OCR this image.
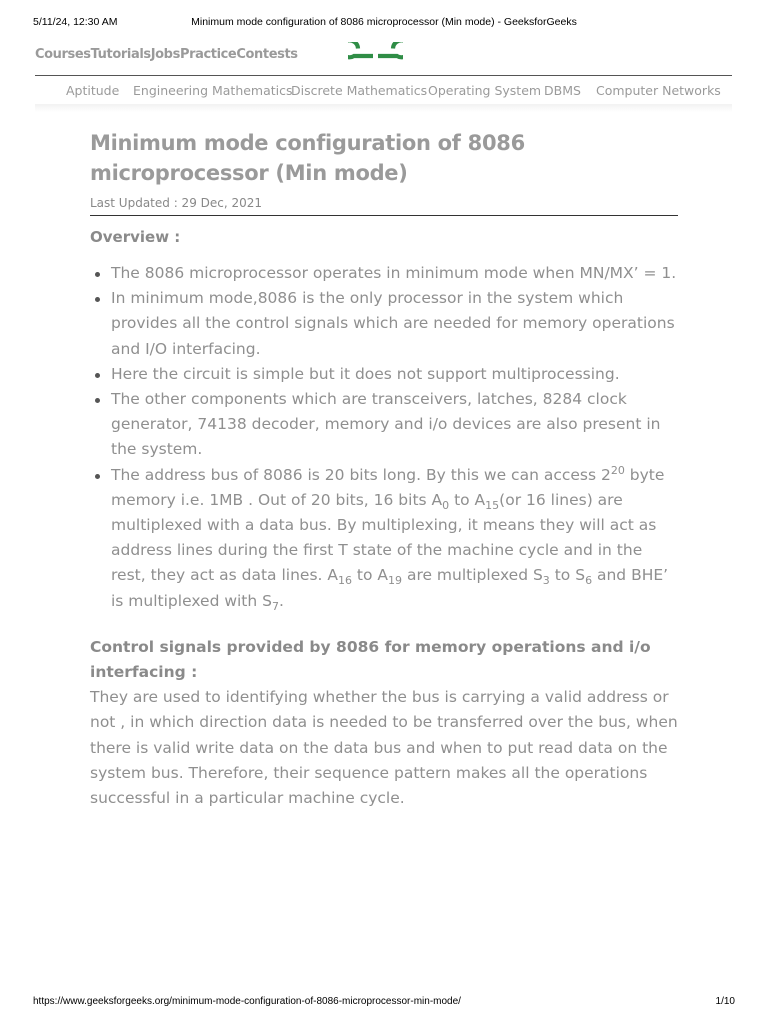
5/11/24, 12:30 AM	Minimum mode configuration of 8086 microprocessor (Min mode) - GeeksforGeeks
CoursesTutorialsJobsPracticeContests
Aptitude Engineering Mathematics
Discrete Mathematics Operating System DBMS Computer Networks
Minimum mode configuration of 8086
microprocessor (Min mode)
Last Updated : 29 Dec, 2021
Overview :
The 8086 microprocessor operates in minimum mode when MN/MX’ = 1.
In minimum mode,8086 is the only processor in the system which provides all the control signals which are needed for memory operations and I/O interfacing.
Here the circuit is simple but it does not support multiprocessing.
The other components which are transceivers, latches, 8284 clock generator, 74138 decoder, memory and i/o devices are also present in the system.
The address bus of 8086 is 20 bits long. By this we can access $2^{20}$ byte memory i.e. 1MB . Out of 20 bits, 16 bits $A_0$ to $A_{15}(or$ 16 lines) are multiplexed with a data bus. By multiplexing, it means they will act as address lines during the first T state of the machine cycle and in the rest, they act as data lines. $A_{16}$ to $A_{19}$ are multiplexed $S_3$ to $S_6$ and BHE’ is multiplexed with $S_7$.
Control signals provided by 8086 for memory operations and i/o interfacing :
They are used to identifying whether the bus is carrying a valid address or not , in which direction data is needed to be transferred over the bus, when there is valid write data on the data bus and when to put read data on the system bus. Therefore, their sequence pattern makes all the operations successful in a particular machine cycle.
https://www.geeksforgeeks.org/minimum-mode-configuration-of-8086-microprocessor-min-mode/	1/10
